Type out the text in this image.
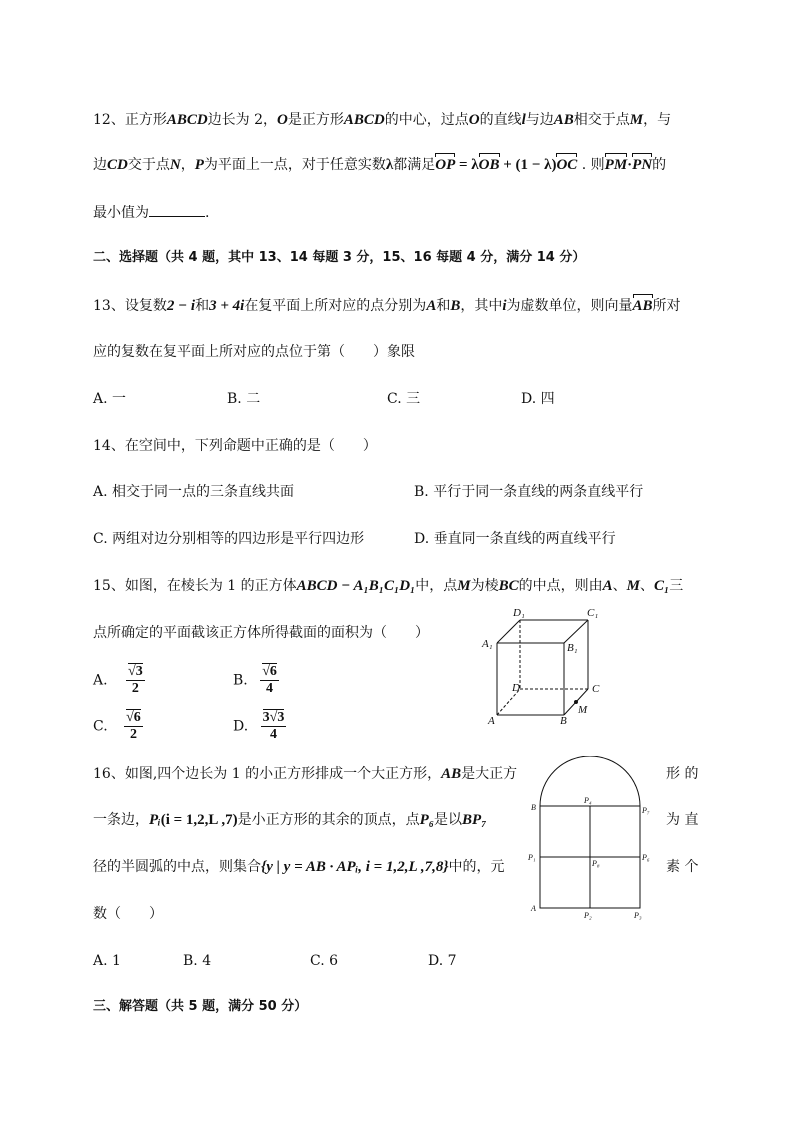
12、正方形ABCD边长为 2，O是正方形ABCD的中心，过点O的直线l与边AB相交于点M，与
边CD交于点N，P为平面上一点，对于任意实数λ都满足OP = λOB + (1 − λ)OC . 则PM·PN的
最小值为	.
二、选择题（共 4 题，其中 13、14 每题 3 分，15、16 每题 4 分，满分 14 分）
13、设复数2 − i和3 + 4i在复平面上所对应的点分别为A和B，其中i为虚数单位，则向量AB所对
应的复数在复平面上所对应的点位于第（　　）象限
A. 一	B. 二	C. 三	D. 四
14、在空间中，下列命题中正确的是（　　）
A. 相交于同一点的三条直线共面	B. 平行于同一条直线的两条直线平行
C. 两组对边分别相等的四边形是平行四边形	D. 垂直同一条直线的两直线平行
15、如图，在棱长为 1 的正方体ABCD − A₁B₁C₁D₁中，点M为棱BC的中点，则由A、M、C₁三
点所确定的平面截该正方体所得截面的面积为（　　）
A. $\frac{√3}{2}$	B. $\frac{√6}{4}$
C. $\frac{√6}{2}$	D. $\frac{3√3}{4}$
D₁	C₁
A₁	B₁
D	C
A	B
M
16、如图,四个边长为 1 的小正方形排成一个大正方形，AB是大正方	形 的
一条边，Pᵢ(i = 1,2,L ,7)是小正方形的其余的顶点，点P₆是以BP₇	为 直
径的半圆弧的中点，则集合{y | y = AB · APᵢ, i = 1,2,L ,7,8}中的，元	素 个
数（　　）
B
P₄
P₇
P₁
P₈
P₆
A
P₂	P₃
A. 1	B. 4	C. 6	D. 7
三、解答题（共 5 题，满分 50 分）
